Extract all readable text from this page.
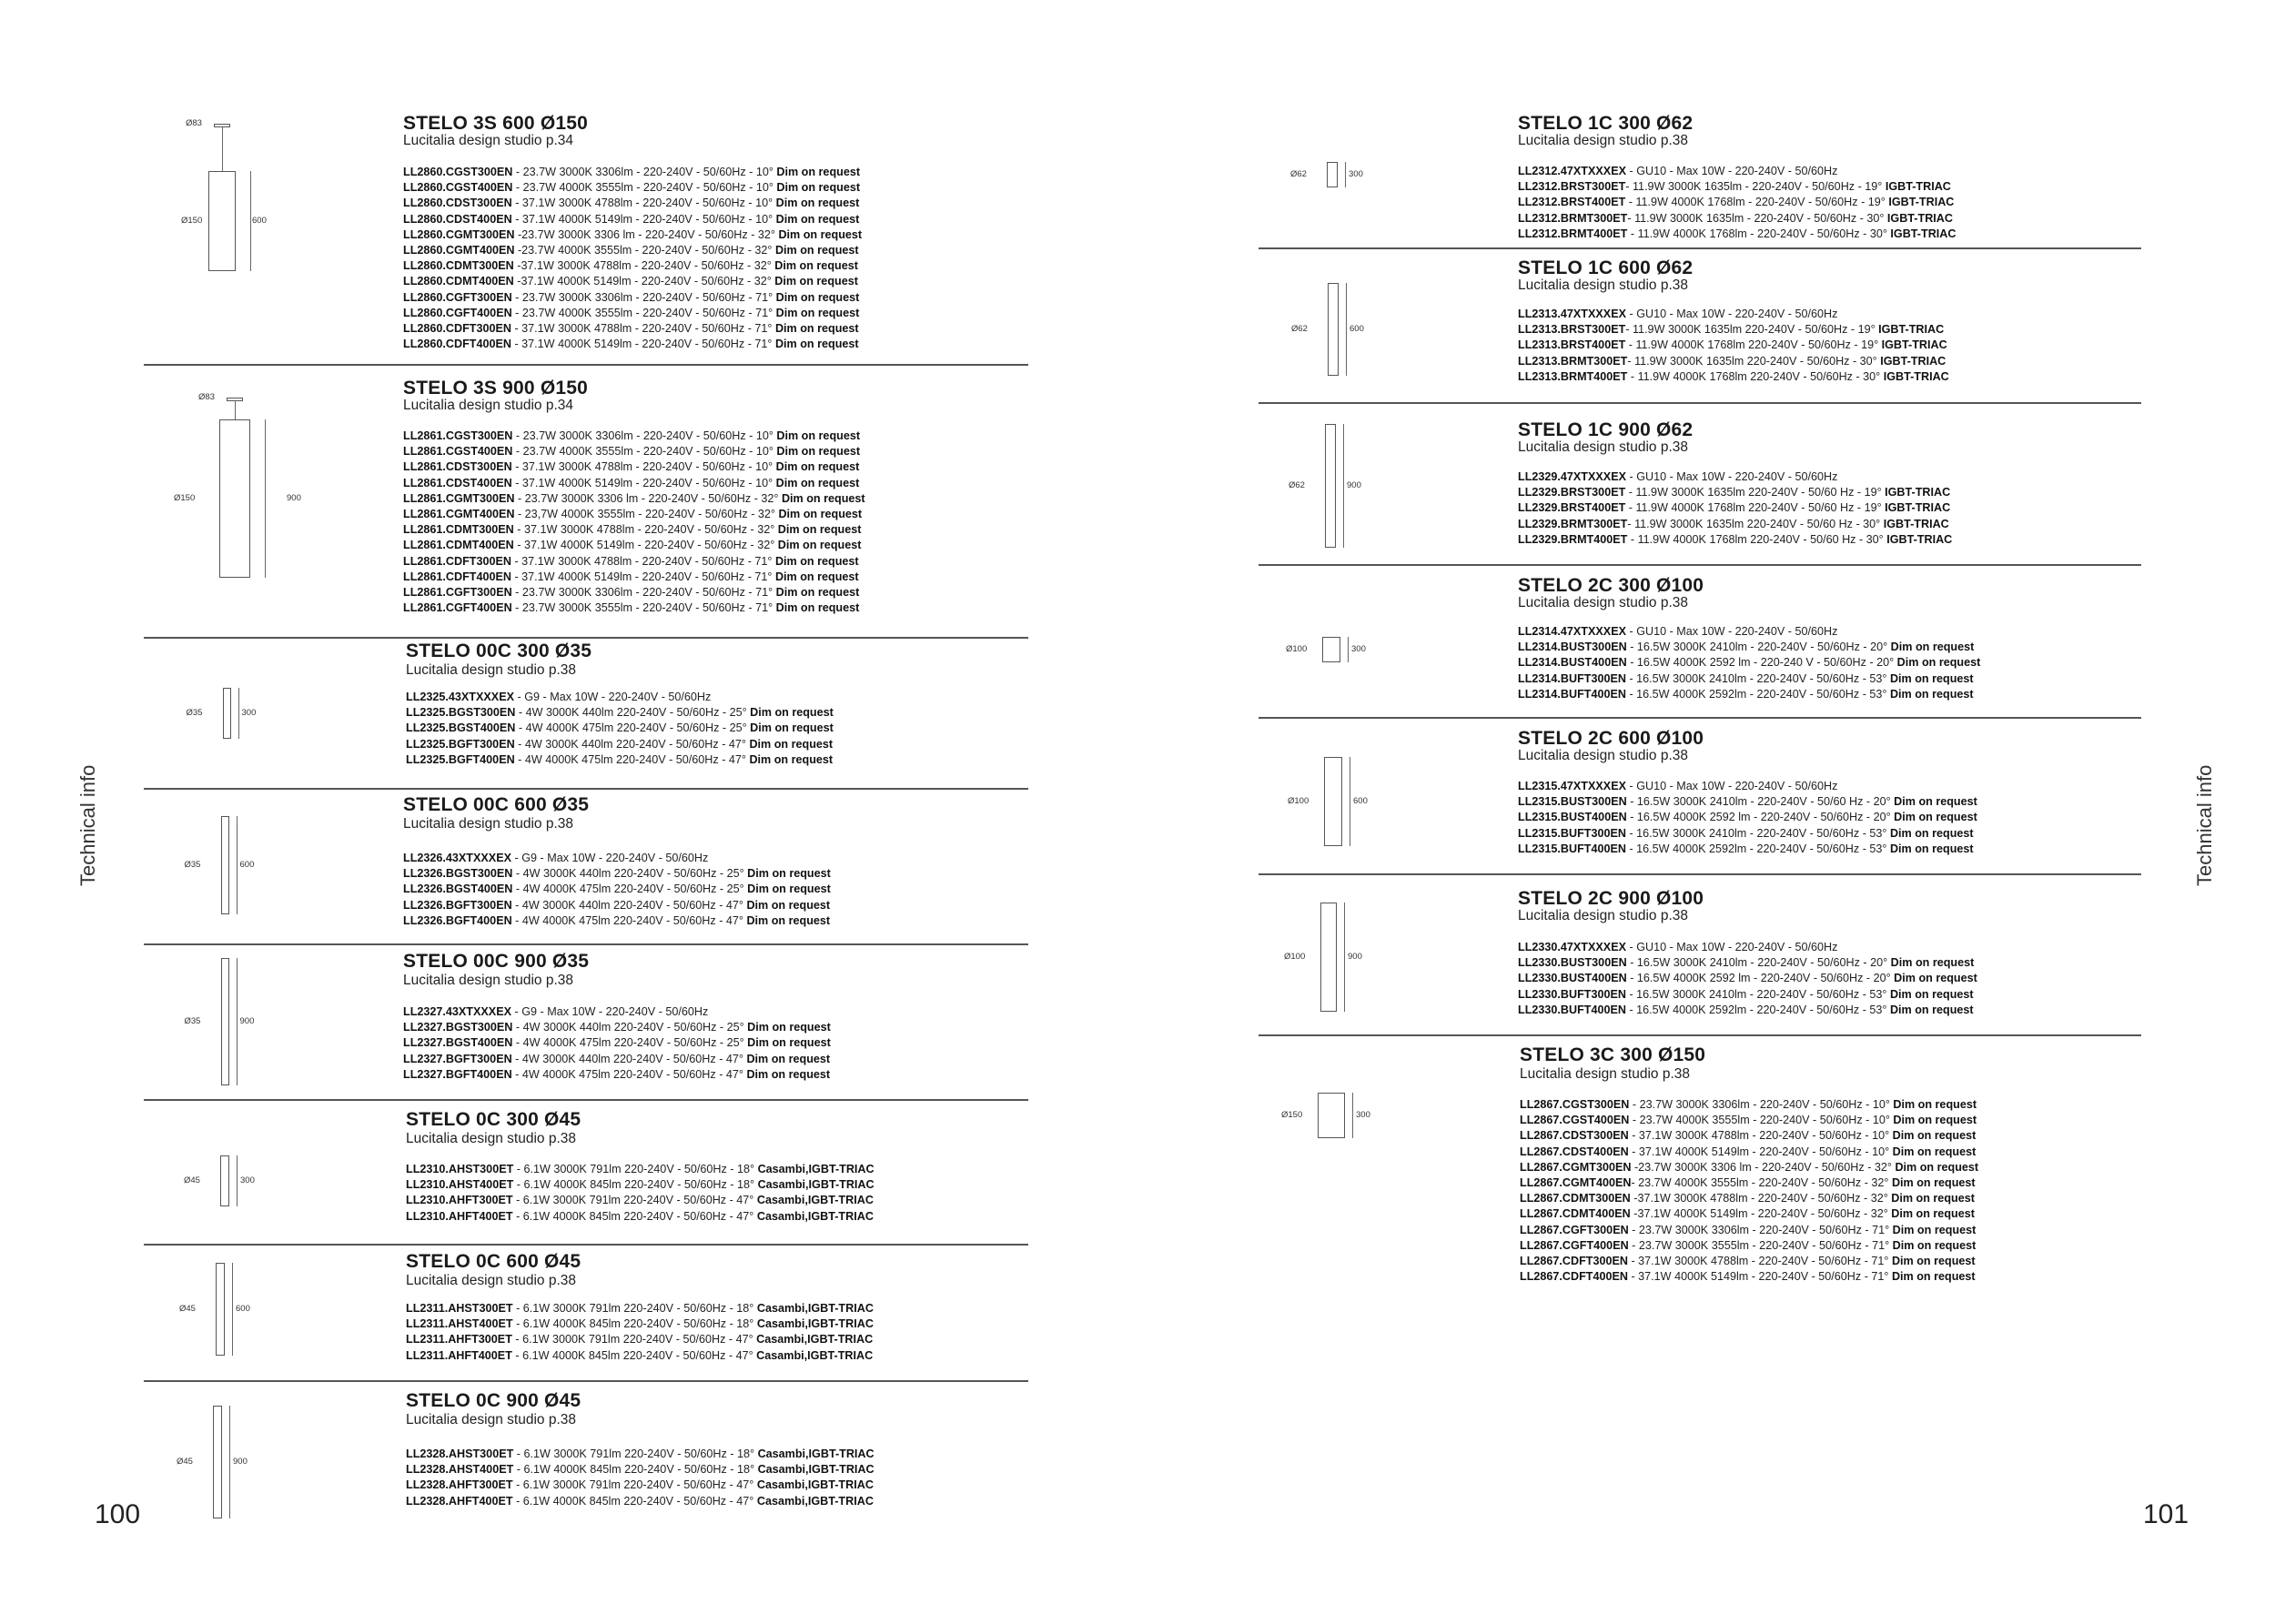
Technical info	Technical info
100	101
STELO 3S 600 Ø150
Lucitalia design studio p.34
LL2860.CGST300EN - 23.7W 3000K 3306lm - 220-240V - 50/60Hz - 10° Dim on request
LL2860.CGST400EN - 23.7W 4000K 3555lm - 220-240V - 50/60Hz - 10° Dim on request
LL2860.CDST300EN - 37.1W 3000K 4788lm - 220-240V - 50/60Hz - 10° Dim on request
LL2860.CDST400EN - 37.1W 4000K 5149lm - 220-240V - 50/60Hz - 10° Dim on request
LL2860.CGMT300EN -23.7W 3000K 3306 lm - 220-240V - 50/60Hz - 32° Dim on request
LL2860.CGMT400EN -23.7W 4000K 3555lm - 220-240V - 50/60Hz - 32° Dim on request
LL2860.CDMT300EN -37.1W 3000K 4788lm - 220-240V - 50/60Hz - 32° Dim on request
LL2860.CDMT400EN -37.1W 4000K 5149lm - 220-240V - 50/60Hz - 32° Dim on request
LL2860.CGFT300EN - 23.7W 3000K 3306lm - 220-240V - 50/60Hz - 71° Dim on request
LL2860.CGFT400EN - 23.7W 4000K 3555lm - 220-240V - 50/60Hz - 71° Dim on request
LL2860.CDFT300EN - 37.1W 3000K 4788lm - 220-240V - 50/60Hz - 71° Dim on request
LL2860.CDFT400EN - 37.1W 4000K 5149lm - 220-240V - 50/60Hz - 71° Dim on request
Ø83
Ø150	600
STELO 3S 900 Ø150
Lucitalia design studio p.34
LL2861.CGST300EN - 23.7W 3000K 3306lm - 220-240V - 50/60Hz - 10° Dim on request
LL2861.CGST400EN - 23.7W 4000K 3555lm - 220-240V - 50/60Hz - 10° Dim on request
LL2861.CDST300EN - 37.1W 3000K 4788lm - 220-240V - 50/60Hz - 10° Dim on request
LL2861.CDST400EN - 37.1W 4000K 5149lm - 220-240V - 50/60Hz - 10° Dim on request
LL2861.CGMT300EN - 23.7W 3000K 3306 lm - 220-240V - 50/60Hz - 32° Dim on request
LL2861.CGMT400EN - 23,7W 4000K 3555lm - 220-240V - 50/60Hz - 32° Dim on request
LL2861.CDMT300EN - 37.1W 3000K 4788lm - 220-240V - 50/60Hz - 32° Dim on request
LL2861.CDMT400EN - 37.1W 4000K 5149lm - 220-240V - 50/60Hz - 32° Dim on request
LL2861.CDFT300EN - 37.1W 3000K 4788lm - 220-240V - 50/60Hz - 71° Dim on request
LL2861.CDFT400EN - 37.1W 4000K 5149lm - 220-240V - 50/60Hz - 71° Dim on request
LL2861.CGFT300EN - 23.7W 3000K 3306lm - 220-240V - 50/60Hz - 71° Dim on request
LL2861.CGFT400EN - 23.7W 3000K 3555lm - 220-240V - 50/60Hz - 71° Dim on request
Ø83
Ø150	900
STELO 00C 300 Ø35
Lucitalia design studio p.38
LL2325.43XTXXXEX - G9 - Max 10W - 220-240V - 50/60Hz
LL2325.BGST300EN - 4W 3000K 440lm 220-240V - 50/60Hz - 25° Dim on request
LL2325.BGST400EN - 4W 4000K 475lm 220-240V - 50/60Hz - 25° Dim on request
LL2325.BGFT300EN - 4W 3000K 440lm 220-240V - 50/60Hz - 47° Dim on request
LL2325.BGFT400EN - 4W 4000K 475lm 220-240V - 50/60Hz - 47° Dim on request
Ø35	300
STELO 00C 600 Ø35
Lucitalia design studio p.38
LL2326.43XTXXXEX - G9 - Max 10W - 220-240V - 50/60Hz
LL2326.BGST300EN - 4W 3000K 440lm 220-240V - 50/60Hz - 25° Dim on request
LL2326.BGST400EN - 4W 4000K 475lm 220-240V - 50/60Hz - 25° Dim on request
LL2326.BGFT300EN - 4W 3000K 440lm 220-240V - 50/60Hz - 47° Dim on request
LL2326.BGFT400EN - 4W 4000K 475lm 220-240V - 50/60Hz - 47° Dim on request
Ø35	600
STELO 00C 900 Ø35
Lucitalia design studio p.38
LL2327.43XTXXXEX - G9 - Max 10W - 220-240V - 50/60Hz
LL2327.BGST300EN - 4W 3000K 440lm 220-240V - 50/60Hz - 25° Dim on request
LL2327.BGST400EN - 4W 4000K 475lm 220-240V - 50/60Hz - 25° Dim on request
LL2327.BGFT300EN - 4W 3000K 440lm 220-240V - 50/60Hz - 47° Dim on request
LL2327.BGFT400EN - 4W 4000K 475lm 220-240V - 50/60Hz - 47° Dim on request
Ø35	900
STELO 0C 300 Ø45
Lucitalia design studio p.38
LL2310.AHST300ET - 6.1W 3000K 791lm 220-240V - 50/60Hz - 18° Casambi,IGBT-TRIAC
LL2310.AHST400ET - 6.1W 4000K 845lm 220-240V - 50/60Hz - 18° Casambi,IGBT-TRIAC
LL2310.AHFT300ET - 6.1W 3000K 791lm 220-240V - 50/60Hz - 47° Casambi,IGBT-TRIAC
LL2310.AHFT400ET - 6.1W 4000K 845lm 220-240V - 50/60Hz - 47° Casambi,IGBT-TRIAC
Ø45	300
STELO 0C 600 Ø45
Lucitalia design studio p.38
LL2311.AHST300ET - 6.1W 3000K 791lm 220-240V - 50/60Hz - 18° Casambi,IGBT-TRIAC
LL2311.AHST400ET - 6.1W 4000K 845lm 220-240V - 50/60Hz - 18° Casambi,IGBT-TRIAC
LL2311.AHFT300ET - 6.1W 3000K 791lm 220-240V - 50/60Hz - 47° Casambi,IGBT-TRIAC
LL2311.AHFT400ET - 6.1W 4000K 845lm 220-240V - 50/60Hz - 47° Casambi,IGBT-TRIAC
Ø45	600
STELO 0C 900 Ø45
Lucitalia design studio p.38
LL2328.AHST300ET - 6.1W 3000K 791lm 220-240V - 50/60Hz - 18° Casambi,IGBT-TRIAC
LL2328.AHST400ET - 6.1W 4000K 845lm 220-240V - 50/60Hz - 18° Casambi,IGBT-TRIAC
LL2328.AHFT300ET - 6.1W 3000K 791lm 220-240V - 50/60Hz - 47° Casambi,IGBT-TRIAC
LL2328.AHFT400ET - 6.1W 4000K 845lm 220-240V - 50/60Hz - 47° Casambi,IGBT-TRIAC
Ø45	900
STELO 1C 300 Ø62
Lucitalia design studio p.38
LL2312.47XTXXXEX - GU10 - Max 10W - 220-240V - 50/60Hz
LL2312.BRST300ET- 11.9W 3000K 1635lm - 220-240V - 50/60Hz - 19° IGBT-TRIAC
LL2312.BRST400ET - 11.9W 4000K 1768lm - 220-240V - 50/60Hz - 19° IGBT-TRIAC
LL2312.BRMT300ET- 11.9W 3000K 1635lm - 220-240V - 50/60Hz - 30° IGBT-TRIAC
LL2312.BRMT400ET - 11.9W 4000K 1768lm - 220-240V - 50/60Hz - 30° IGBT-TRIAC
Ø62	300
STELO 1C 600 Ø62
Lucitalia design studio p.38
LL2313.47XTXXXEX - GU10 - Max 10W - 220-240V - 50/60Hz
LL2313.BRST300ET- 11.9W 3000K 1635lm 220-240V - 50/60Hz - 19° IGBT-TRIAC
LL2313.BRST400ET - 11.9W 4000K 1768lm 220-240V - 50/60Hz - 19° IGBT-TRIAC
LL2313.BRMT300ET- 11.9W 3000K 1635lm 220-240V - 50/60Hz - 30° IGBT-TRIAC
LL2313.BRMT400ET - 11.9W 4000K 1768lm 220-240V - 50/60Hz - 30° IGBT-TRIAC
Ø62	600
STELO 1C 900 Ø62
Lucitalia design studio p.38
LL2329.47XTXXXEX - GU10 - Max 10W - 220-240V - 50/60Hz
LL2329.BRST300ET - 11.9W 3000K 1635lm 220-240V - 50/60 Hz - 19° IGBT-TRIAC
LL2329.BRST400ET - 11.9W 4000K 1768lm 220-240V - 50/60 Hz - 19° IGBT-TRIAC
LL2329.BRMT300ET- 11.9W 3000K 1635lm 220-240V - 50/60 Hz - 30° IGBT-TRIAC
LL2329.BRMT400ET - 11.9W 4000K 1768lm 220-240V - 50/60 Hz - 30° IGBT-TRIAC
Ø62	900
STELO 2C 300 Ø100
Lucitalia design studio p.38
LL2314.47XTXXXEX - GU10 - Max 10W - 220-240V - 50/60Hz
LL2314.BUST300EN - 16.5W 3000K 2410lm - 220-240V - 50/60Hz - 20° Dim on request
LL2314.BUST400EN - 16.5W 4000K 2592 lm - 220-240 V - 50/60Hz - 20° Dim on request
LL2314.BUFT300EN - 16.5W 3000K 2410lm - 220-240V - 50/60Hz - 53° Dim on request
LL2314.BUFT400EN - 16.5W 4000K 2592lm - 220-240V - 50/60Hz - 53° Dim on request
Ø100	300
STELO 2C 600 Ø100
Lucitalia design studio p.38
LL2315.47XTXXXEX - GU10 - Max 10W - 220-240V - 50/60Hz
LL2315.BUST300EN - 16.5W 3000K 2410lm - 220-240V - 50/60 Hz - 20° Dim on request
LL2315.BUST400EN - 16.5W 4000K 2592 lm - 220-240V - 50/60Hz - 20° Dim on request
LL2315.BUFT300EN - 16.5W 3000K 2410lm - 220-240V - 50/60Hz - 53° Dim on request
LL2315.BUFT400EN - 16.5W 4000K 2592lm - 220-240V - 50/60Hz - 53° Dim on request
Ø100	600
STELO 2C 900 Ø100
Lucitalia design studio p.38
LL2330.47XTXXXEX - GU10 - Max 10W - 220-240V - 50/60Hz
LL2330.BUST300EN - 16.5W 3000K 2410lm - 220-240V - 50/60Hz - 20° Dim on request
LL2330.BUST400EN - 16.5W 4000K 2592 lm - 220-240V - 50/60Hz - 20° Dim on request
LL2330.BUFT300EN - 16.5W 3000K 2410lm - 220-240V - 50/60Hz - 53° Dim on request
LL2330.BUFT400EN - 16.5W 4000K 2592lm - 220-240V - 50/60Hz - 53° Dim on request
Ø100	900
STELO 3C 300 Ø150
Lucitalia design studio p.38
LL2867.CGST300EN - 23.7W 3000K 3306lm - 220-240V - 50/60Hz - 10° Dim on request
LL2867.CGST400EN - 23.7W 4000K 3555lm - 220-240V - 50/60Hz - 10° Dim on request
LL2867.CDST300EN - 37.1W 3000K 4788lm - 220-240V - 50/60Hz - 10° Dim on request
LL2867.CDST400EN - 37.1W 4000K 5149lm - 220-240V - 50/60Hz - 10° Dim on request
LL2867.CGMT300EN -23.7W 3000K 3306 lm - 220-240V - 50/60Hz - 32° Dim on request
LL2867.CGMT400EN- 23.7W 4000K 3555lm - 220-240V - 50/60Hz - 32° Dim on request
LL2867.CDMT300EN -37.1W 3000K 4788lm - 220-240V - 50/60Hz - 32° Dim on request
LL2867.CDMT400EN -37.1W 4000K 5149lm - 220-240V - 50/60Hz - 32° Dim on request
LL2867.CGFT300EN - 23.7W 3000K 3306lm - 220-240V - 50/60Hz - 71° Dim on request
LL2867.CGFT400EN - 23.7W 3000K 3555lm - 220-240V - 50/60Hz - 71° Dim on request
LL2867.CDFT300EN - 37.1W 3000K 4788lm - 220-240V - 50/60Hz - 71° Dim on request
LL2867.CDFT400EN - 37.1W 4000K 5149lm - 220-240V - 50/60Hz - 71° Dim on request
Ø150	300
